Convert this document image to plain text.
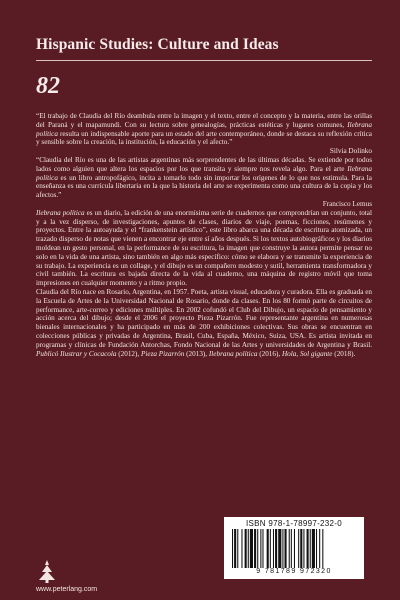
Hispanic Studies: Culture and Ideas
82

“El trabajo de Claudia del Río deambula entre la imagen y el texto, entre el concepto y la materia, entre las orillas del Paraná y el mapamundi. Con su lectura sobre genealogías, prácticas estéticas y lugares comunes, Ilebrana política resulta un indispensable aporte para un estado del arte contemporáneo, donde se destaca su reflexión crítica y sensible sobre la creación, la institución, la educación y el afecto.”

Silvia Dolinko

“Claudia del Río es una de las artistas argentinas más sorprendentes de las últimas décadas. Se extiende por todos lados como alguien que altera los espacios por los que transita y siempre nos revela algo. Para el arte Ilebrana política es un libro antropofágico, incita a tomarlo todo sin importar los orígenes de lo que nos estimula. Para la enseñanza es una currícula libertaria en la que la historia del arte se experimenta como una cultura de la copia y los afectos.”

Francisco Lemus

Ilebrana política es un diario, la edición de una enormísima serie de cuadernos que comprondrían un conjunto, total y a la vez disperso, de investigaciones, apuntes de clases, diarios de viaje, poemas, ficciones, resúmenes y proyectos. Entre la autoayuda y el “frankenstein artístico”, este libro abarca una década de escritura atomizada, un trazado disperso de notas que vienen a encontrar eje entre sí años después. Si los textos autobiográficos y los diarios moldean un gesto personal, en la performance de su escritura, la imagen que construye la autora permite pensar no solo en la vida de una artista, sino también en algo más específico: cómo se elabora y se transmite la experiencia de su trabajo. La experiencia es un collage, y el dibujo es un compañero modesto y sutil, herramienta transformadora y civil también. La escritura es bajada directa de la vida al cuaderno, una máquina de registro móvil que toma impresiones en cualquier momento y a ritmo propio.

Claudia del Río nace en Rosario, Argentina, en 1957. Poeta, artista visual, educadora y curadora. Ella es graduada en la Escuela de Artes de la Universidad Nacional de Rosario, donde da clases. En los 80 formó parte de circuitos de performance, arte-correo y ediciones múltiples. En 2002 cofundó el Club del Dibujo, un espacio de pensamiento y acción acerca del dibujo; desde el 2006 el proyecto Pieza Pizarrón. Fue representante argentina en numerosas bienales internacionales y ha participado en más de 200 exhibiciones colectivas. Sus obras se encuentran en colecciones públicas y privadas de Argentina, Brasil, Cuba, España, México, Suiza, USA. Es artista invitada en programas y clínicas de Fundación Antorchas, Fondo Nacional de las Artes y universidades de Argentina y Brasil. Publicó Ilustrar y Cocacola (2012), Pieza Pizarrón (2013), Ilebrana política (2016), Hola, Sol gigante (2018).

www.peterlang.com
ISBN 978-1-78997-232-0
9 781789 972320
